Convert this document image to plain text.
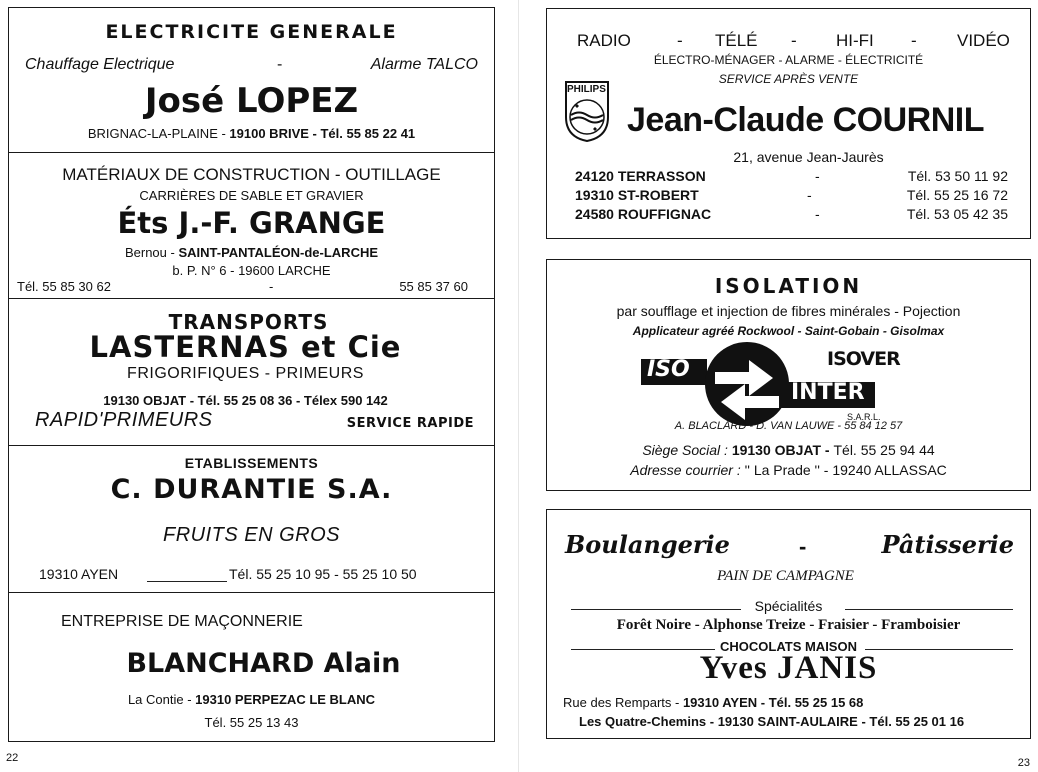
ELECTRICITE GENERALE
Chauffage Electrique	-	Alarme TALCO
José LOPEZ
BRIGNAC-LA-PLAINE - 19100 BRIVE - Tél. 55 85 22 41
MATÉRIAUX DE CONSTRUCTION - OUTILLAGE
CARRIÈRES DE SABLE ET GRAVIER
Éts J.-F. GRANGE
Bernou - SAINT-PANTALÉON-de-LARCHE
b. P. N° 6 - 19600 LARCHE
Tél. 55 85 30 62	-	55 85 37 60
TRANSPORTS
LASTERNAS et Cie
FRIGORIFIQUES - PRIMEURS
19130 OBJAT - Tél. 55 25 08 36 - Télex 590 142
RAPID'PRIMEURS	SERVICE RAPIDE
ETABLISSEMENTS
C. DURANTIE S.A.
FRUITS EN GROS
19310 AYEN	Tél. 55 25 10 95 - 55 25 10 50
ENTREPRISE DE MAÇONNERIE
BLANCHARD Alain
La Contie - 19310 PERPEZAC LE BLANC
Tél. 55 25 13 43
22
RADIO	- TÉLÉ - HI-FI - VIDÉO
ÉLECTRO-MÉNAGER - ALARME - ÉLECTRICITÉ
SERVICE APRÈS VENTE
PHILIPS
Jean-Claude COURNIL
21, avenue Jean-Jaurès
24120 TERRASSON	-	Tél. 53 50 11 92
19310 ST-ROBERT	-	Tél. 55 25 16 72
24580 ROUFFIGNAC	-	Tél. 53 05 42 35
ISOLATION
par soufflage et injection de fibres minérales - Pojection
Applicateur agréé Rockwool - Saint-Gobain - Gisolmax
ISO
INTER
S.A.R.L.
ISOVER
A. BLACLARD - D. VAN LAUWE - 55 84 12 57
Siège Social : 19130 OBJAT - Tél. 55 25 94 44
Adresse courrier : '' La Prade '' - 19240 ALLASSAC
Boulangerie	-	Pâtisserie
PAIN DE CAMPAGNE
Spécialités
Forêt Noire - Alphonse Treize - Fraisier - Framboisier
CHOCOLATS MAISON
Yves JANIS
Rue des Remparts - 19310 AYEN - Tél. 55 25 15 68
Les Quatre-Chemins - 19130 SAINT-AULAIRE - Tél. 55 25 01 16
23
